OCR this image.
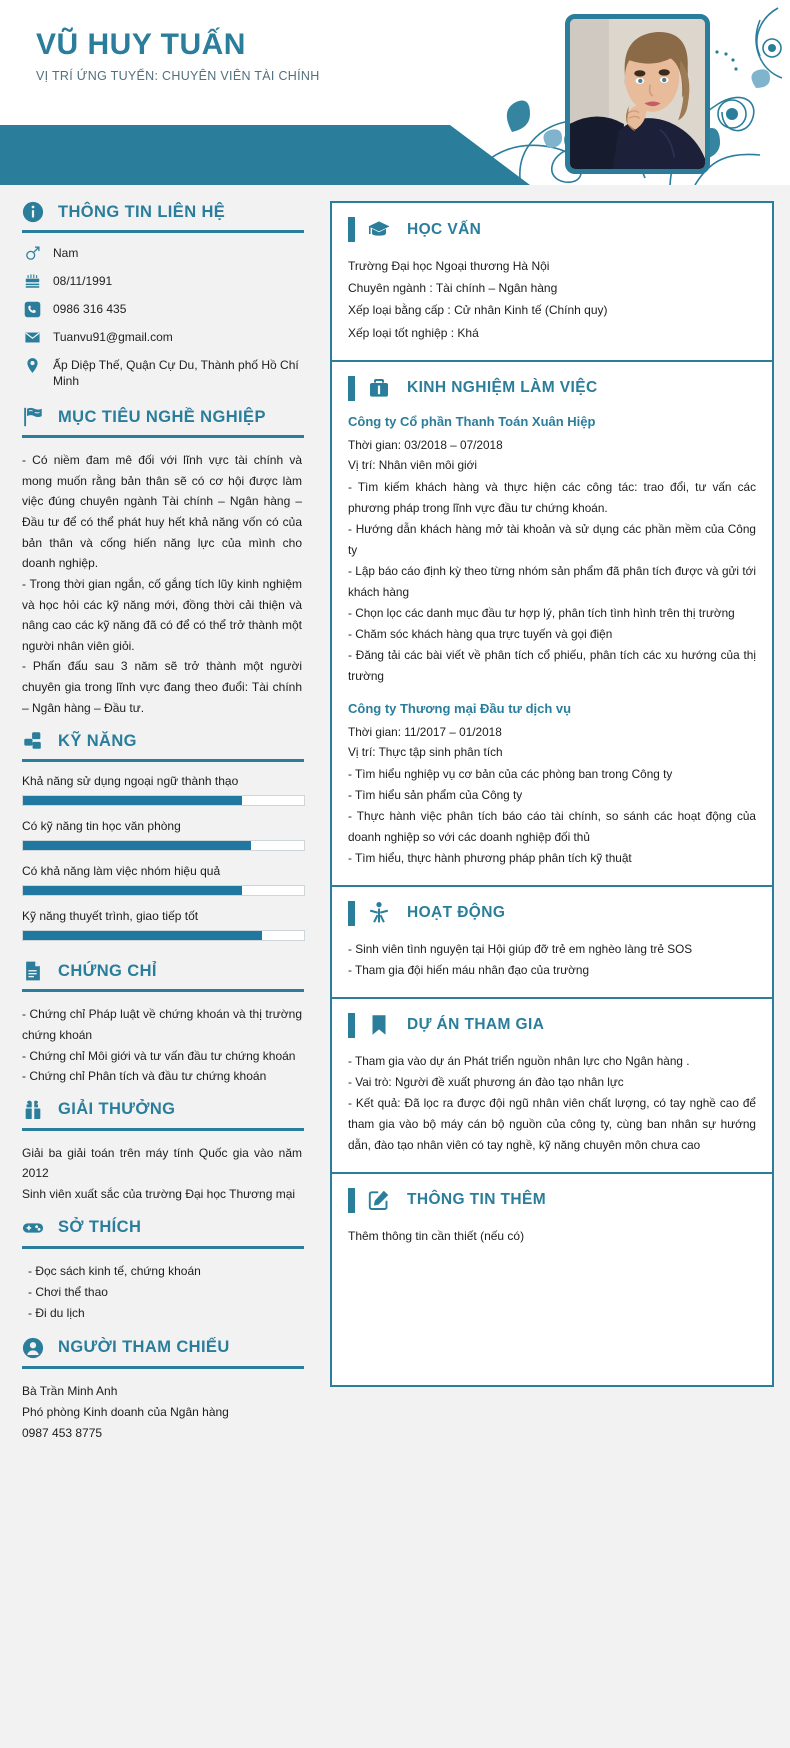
VŨ HUY TUẤN
VỊ TRÍ ỨNG TUYỂN: CHUYÊN VIÊN TÀI CHÍNH
THÔNG TIN LIÊN HỆ
Nam
08/11/1991
0986 316 435
Tuanvu91@gmail.com
Ấp Diệp Thế, Quận Cự Du, Thành phố Hồ Chí Minh
MỤC TIÊU NGHỀ NGHIỆP

- Có niềm đam mê đối với lĩnh vực tài chính và mong muốn rằng bản thân sẽ có cơ hội được làm việc đúng chuyên ngành Tài chính – Ngân hàng – Đầu tư để có thể phát huy hết khả năng vốn có của bản thân và cống hiến năng lực của mình cho doanh nghiệp.

- Trong thời gian ngắn, cố gắng tích lũy kinh nghiệm và học hỏi các kỹ năng mới, đồng thời cải thiện và nâng cao các kỹ năng đã có để có thể trở thành một người nhân viên giỏi.

- Phấn đấu sau 3 năm sẽ trở thành một người chuyên gia trong lĩnh vực đang theo đuổi: Tài chính – Ngân hàng – Đầu tư.

KỸ NĂNG
Khả năng sử dụng ngoại ngữ thành thạo
Có kỹ năng tin học văn phòng
Có khả năng làm việc nhóm hiệu quả
Kỹ năng thuyết trình, giao tiếp tốt
CHỨNG CHỈ

- Chứng chỉ Pháp luật về chứng khoán và thị trường chứng khoán

- Chứng chỉ Môi giới và tư vấn đầu tư chứng khoán

- Chứng chỉ Phân tích và đầu tư chứng khoán

GIẢI THƯỞNG

Giải ba giải toán trên máy tính Quốc gia vào năm 2012

Sinh viên xuất sắc của trường Đại học Thương mại

SỞ THÍCH
- Đọc sách kinh tế, chứng khoán
- Chơi thể thao
- Đi du lịch
NGƯỜI THAM CHIẾU
Bà Trần Minh Anh
Phó phòng Kinh doanh của Ngân hàng
0987 453 8775
HỌC VẤN
Trường Đại học Ngoại thương Hà Nội
Chuyên ngành : Tài chính – Ngân hàng
Xếp loại bằng cấp : Cử nhân Kinh tế (Chính quy)
Xếp loại tốt nghiệp : Khá
KINH NGHIỆM LÀM VIỆC
Công ty Cổ phần Thanh Toán Xuân Hiệp
Thời gian: 03/2018 – 07/2018
Vị trí: Nhân viên môi giới
- Tìm kiếm khách hàng và thực hiện các công tác: trao đổi, tư vấn các phương pháp trong lĩnh vực đầu tư chứng khoán.
- Hướng dẫn khách hàng mở tài khoản và sử dụng các phần mềm của Công ty
- Lập báo cáo định kỳ theo từng nhóm sản phẩm đã phân tích được và gửi tới khách hàng
- Chọn lọc các danh mục đầu tư hợp lý, phân tích tình hình trên thị trường
- Chăm sóc khách hàng qua trực tuyến và gọi điện
- Đăng tải các bài viết về phân tích cổ phiếu, phân tích các xu hướng của thị trường
Công ty Thương mại Đầu tư dịch vụ
Thời gian: 11/2017 – 01/2018
Vị trí: Thực tập sinh phân tích
- Tìm hiểu nghiệp vụ cơ bản của các phòng ban trong Công ty
- Tìm hiểu sản phẩm của Công ty
- Thực hành việc phân tích báo cáo tài chính, so sánh các hoạt động của doanh nghiệp so với các doanh nghiệp đối thủ
- Tìm hiểu, thực hành phương pháp phân tích kỹ thuật
HOẠT ĐỘNG
- Sinh viên tình nguyện tại Hội giúp đỡ trẻ em nghèo làng trẻ SOS
- Tham gia đội hiến máu nhân đạo của trường
DỰ ÁN THAM GIA
- Tham gia vào dự án Phát triển nguồn nhân lực cho Ngân hàng .
- Vai trò: Người đề xuất phương án đào tạo nhân lực
- Kết quả: Đã lọc ra được đội ngũ nhân viên chất lượng, có tay nghề cao để tham gia vào bộ máy cán bộ nguồn của công ty, cùng ban nhân sự hướng dẫn, đào tạo nhân viên có tay nghề, kỹ năng chuyên môn chưa cao
THÔNG TIN THÊM
Thêm thông tin cần thiết (nếu có)
